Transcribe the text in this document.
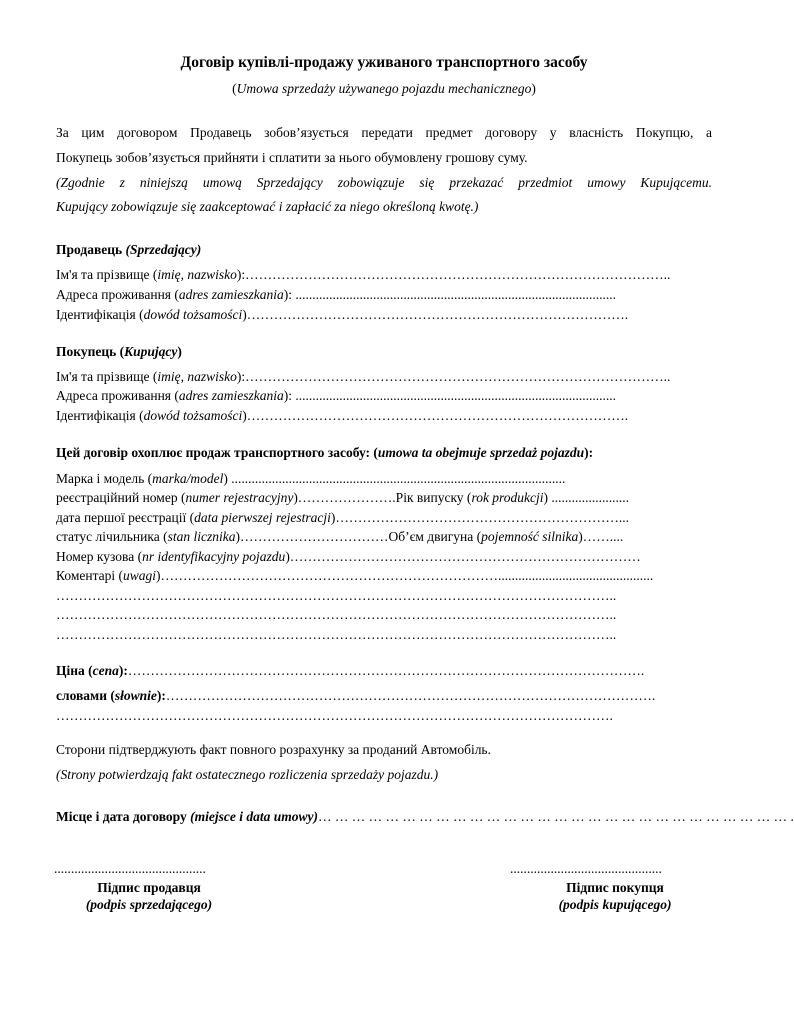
Договір купівлі-продажу уживаного транспортного засобу
(Umowa sprzedaży używanego pojazdu mechanicznego)
За цим договором Продавець зобов’язується передати предмет договору у власність Покупцю, а
Покупець зобов’язується прийняти і сплатити за нього обумовлену грошову суму.
(Zgodnie z niniejszą umową Sprzedający zobowiązuje się przekazać przedmiot umowy Kupującemu.
Kupujący zobowiązuje się zaakceptować i zapłacić za niego określoną kwotę.)
Продавець (Sprzedający)
Ім'я та прізвище (imię, nazwisko):…………………………………………………………………………………..
Адреса проживання (adres zamieszkania): ...............................................................................................
Ідентифікація (dowód tożsamości)………………………………………………………………………….
Покупець (Kupujący)
Ім'я та прізвище (imię, nazwisko):…………………………………………………………………………………..
Адреса проживання (adres zamieszkania): ...............................................................................................
Ідентифікація (dowód tożsamości)………………………………………………………………………….
Цей договір охоплює продаж транспортного засобу: (umowa ta obejmuje sprzedaż pojazdu):
Марка і модель (marka/model) ...................................................................................................
реєстраційний номер (numer rejestracyjny)………………….Рік випуску (rok produkcji) .......................
дата першої реєстрації (data pierwszej rejestracji)………………………………………………………...
статус лічильника (stan licznika)……………………………Об’єм двигуна (pojemność silnika)……....
Номер кузова (nr identyfikacyjny pojazdu)……………………………………………………………………
Коментарі (uwagi)…………………………………………………………………..............................................
……………………………………………………………………………………………………………..
……………………………………………………………………………………………………………..
……………………………………………………………………………………………………………..
Ціна (cena):…………………………………………………………………………………………………….
словами (słownie):……………………………………………………………………………………………….
…………………………………………………………………………………………………………….
Сторони підтверджують факт повного розрахунку за проданий Автомобіль.
(Strony potwierdzają fakt ostatecznego rozliczenia sprzedaży pojazdu.)
Місце і дата договору (miejsce i data umowy)… … … … … … … … … … … … … … … … … … … … … … … … … … … … .
.............................................
Підпис продавця
(podpis sprzedającego)
.............................................
Підпис покупця
(podpis kupującego)
